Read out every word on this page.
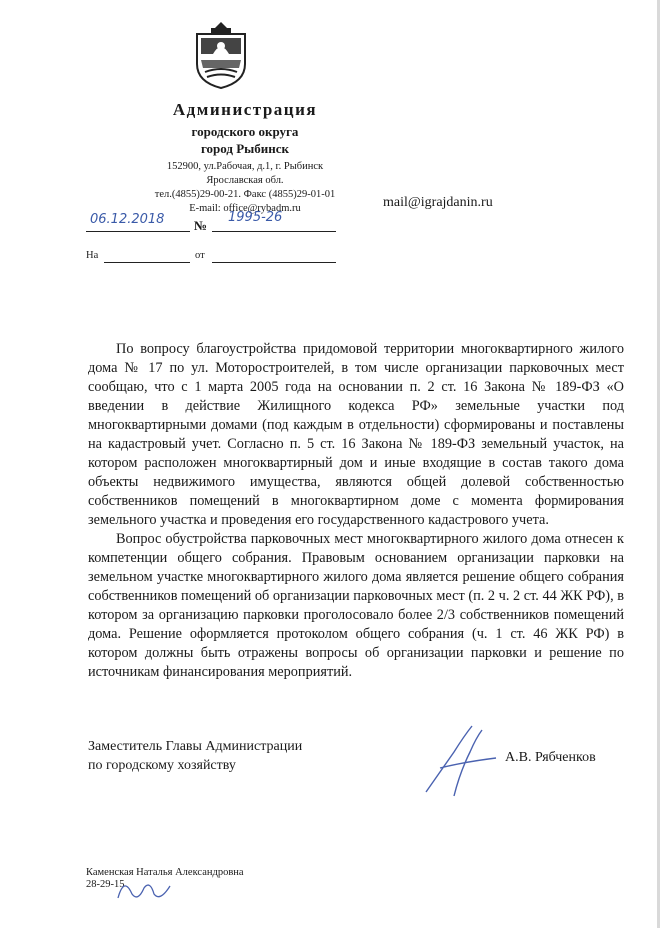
Администрация
городского округа
город Рыбинск
152900, ул.Рабочая, д.1, г. Рыбинск
Ярославская обл.
тел.(4855)29-00-21. Факс (4855)29-01-01
E-mail: office@rybadm.ru	mail@igrajdanin.ru
06.12.2018 №
1995-26
На	от

По вопросу благоустройства придомовой территории многоквартирного жилого дома № 17 по ул. Моторостроителей, в том числе организации парковочных мест сообщаю, что с 1 марта 2005 года на основании п. 2 ст. 16 Закона № 189-ФЗ «О введении в действие Жилищного кодекса РФ» земельные участки под многоквартирными домами (под каждым в отдельности) сформированы и поставлены на кадастровый учет. Согласно п. 5 ст. 16 Закона № 189-ФЗ земельный участок, на котором расположен многоквартирный дом и иные входящие в состав такого дома объекты недвижимого имущества, являются общей долевой собственностью собственников помещений в многоквартирном доме с момента формирования земельного участка и проведения его государственного кадастрового учета.

Вопрос обустройства парковочных мест многоквартирного жилого дома отнесен к компетенции общего собрания. Правовым основанием организации парковки на земельном участке многоквартирного жилого дома является решение общего собрания собственников помещений об организации парковочных мест (п. 2 ч. 2 ст. 44 ЖК РФ), в котором за организацию парковки проголосовало более 2/3 собственников помещений дома. Решение оформляется протоколом общего собрания (ч. 1 ст. 46 ЖК РФ) в котором должны быть отражены вопросы об организации парковки и решение по источникам финансирования мероприятий.

Заместитель Главы Администрации
по городскому хозяйству
А.В. Рябченков
Каменская Наталья Александровна
28-29-15
